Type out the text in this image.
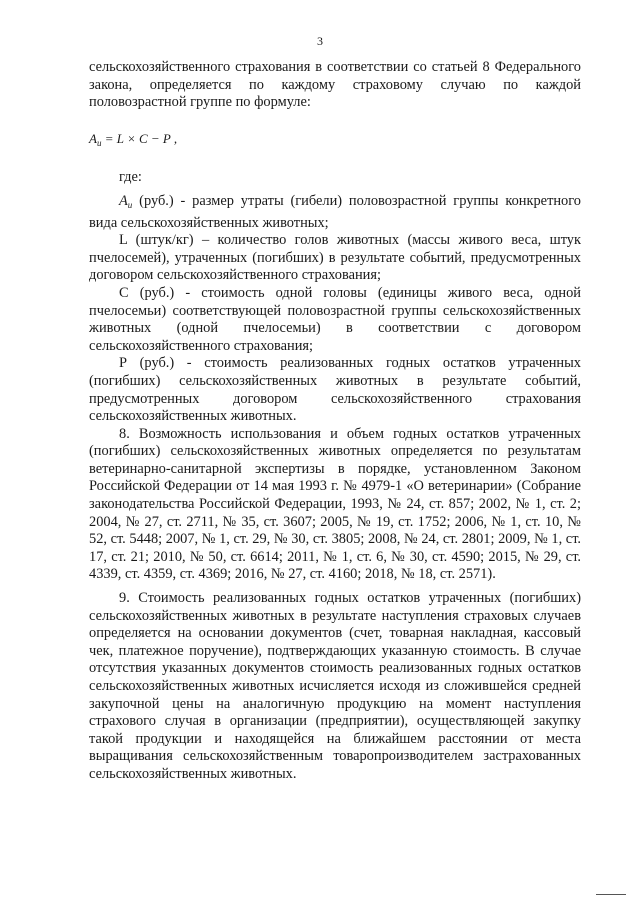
3

сельскохозяйственного страхования в соответствии со статьей 8 Федерального закона, определяется по каждому страховому случаю по каждой половозрастной группе по формуле:

$A_u = L \times C - P$ ,

где:

$A_u$ (руб.) - размер утраты (гибели) половозрастной группы конкретного вида сельскохозяйственных животных;

L (штук/кг) – количество голов животных (массы живого веса, штук пчелосемей), утраченных (погибших) в результате событий, предусмотренных договором сельскохозяйственного страхования;

С (руб.) - стоимость одной головы (единицы живого веса, одной пчелосемьи) соответствующей половозрастной группы сельскохозяйственных животных (одной пчелосемьи) в соответствии с договором сельскохозяйственного страхования;

Р (руб.) - стоимость реализованных годных остатков утраченных (погибших) сельскохозяйственных животных в результате событий, предусмотренных договором сельскохозяйственного страхования сельскохозяйственных животных.

8. Возможность использования и объем годных остатков утраченных (погибших) сельскохозяйственных животных определяется по результатам ветеринарно-санитарной экспертизы в порядке, установленном Законом Российской Федерации от 14 мая 1993 г. № 4979-1 «О ветеринарии» (Собрание законодательства Российской Федерации, 1993, № 24, ст. 857; 2002, № 1, ст. 2; 2004, № 27, ст. 2711, № 35, ст. 3607; 2005, № 19, ст. 1752; 2006, № 1, ст. 10, № 52, ст. 5448; 2007, № 1, ст. 29, № 30, ст. 3805; 2008, № 24, ст. 2801; 2009, № 1, ст. 17, ст. 21; 2010, № 50, ст. 6614; 2011, № 1, ст. 6, № 30, ст. 4590; 2015, № 29, ст. 4339, ст. 4359, ст. 4369; 2016, № 27, ст. 4160; 2018, № 18, ст. 2571).

9. Стоимость реализованных годных остатков утраченных (погибших) сельскохозяйственных животных в результате наступления страховых случаев определяется на основании документов (счет, товарная накладная, кассовый чек, платежное поручение), подтверждающих указанную стоимость. В случае отсутствия указанных документов стоимость реализованных годных остатков сельскохозяйственных животных исчисляется исходя из сложившейся средней закупочной цены на аналогичную продукцию на момент наступления страхового случая в организации (предприятии), осуществляющей закупку такой продукции и находящейся на ближайшем расстоянии от места выращивания сельскохозяйственным товаропроизводителем застрахованных сельскохозяйственных животных.
